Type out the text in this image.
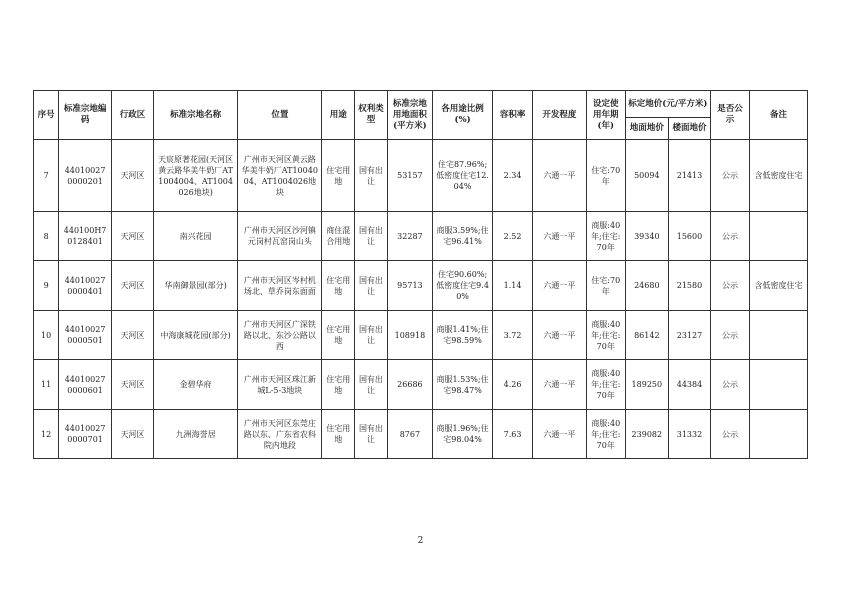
序号	标准宗地编码	行政区	标准宗地名称	位置	用途	权利类型	标准宗地用地面积(平方米)	各用途比例(%)	容积率	开发程度	设定使用年期(年)	标定地价(元/平方米)		是否公示	备注
												地面地价	楼面地价		
7	44010027 0000201	天河区	天宸原著花园(天河区黄云路华美牛奶厂AT1004004、AT1004026地块)	广州市天河区黄云路华美牛奶厂AT1004004、AT1004026地块	住宅用地	国有出让	53157	住宅87.96%;低密度住宅12.04%	2.34	六通一平	住宅:70年	50094	21413	公示	含低密度住宅
8	440100H7 0128401	天河区	南兴花园	广州市天河区沙河镇元岗村瓦窑岗山头	商住混合用地	国有出让	32287	商服3.59%;住宅96.41%	2.52	六通一平	商服:40年;住宅:70年	39340	15600	公示	
9	44010027 0000401	天河区	华南御景园(部分)	广州市天河区岑村机场北、草乔岗东面面	住宅用地	国有出让	95713	住宅90.60%;低密度住宅9.40%	1.14	六通一平	住宅:70年	24680	21580	公示	含低密度住宅
10	44010027 0000501	天河区	中海康城花园(部分)	广州市天河区广深铁路以北、东沙公路以西	住宅用地	国有出让	108918	商服1.41%;住宅98.59%	3.72	六通一平	商服:40年;住宅:70年	86142	23127	公示	
11	44010027 0000601	天河区	金碧华府	广州市天河区珠江新城L-5-3地块	住宅用地	国有出让	26686	商服1.53%;住宅98.47%	4.26	六通一平	商服:40年;住宅:70年	189250	44384	公示	
12	44010027 0000701	天河区	九洲海誉居	广州市天河区东莞庄路以东、广东省农科院内地段	住宅用地	国有出让	8767	商服1.96%;住宅98.04%	7.63	六通一平	商服:40年;住宅:70年	239082	31332	公示	
2
